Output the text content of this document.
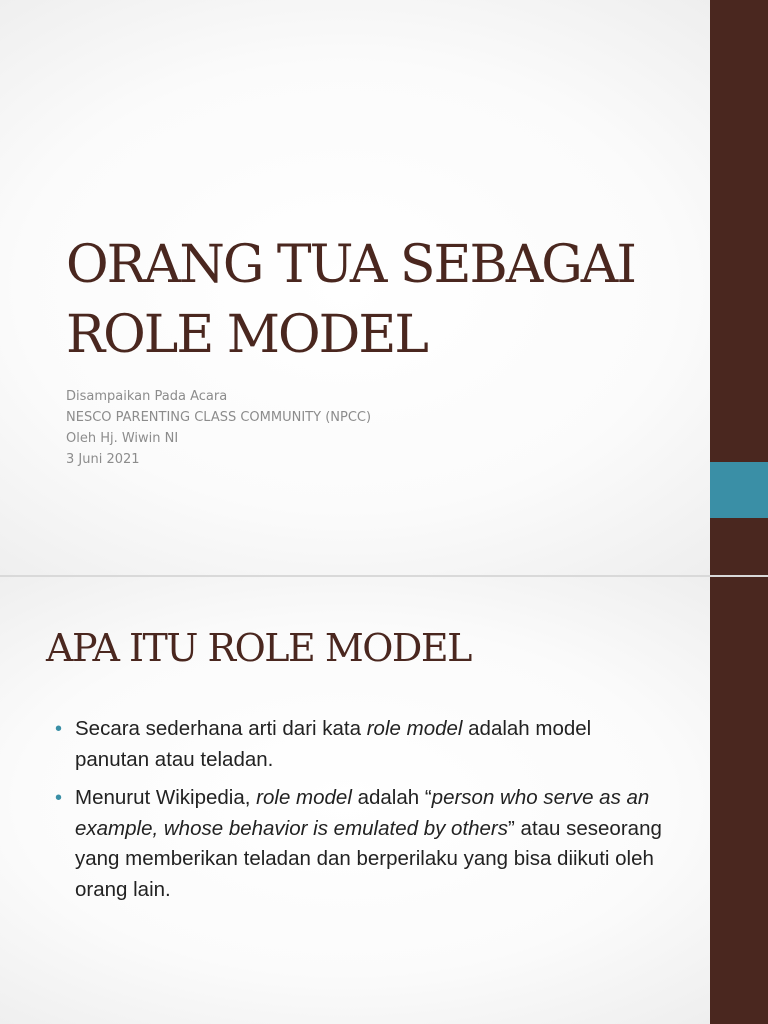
ORANG TUA SEBAGAI
ROLE MODEL
Disampaikan Pada Acara
NESCO PARENTING CLASS COMMUNITY (NPCC)
Oleh Hj. Wiwin NI
3 Juni 2021
APA ITU ROLE MODEL
• Secara sederhana arti dari kata role model adalah model panutan atau teladan.
• Menurut Wikipedia, role model adalah “person who serve as an example, whose behavior is emulated by others” atau seseorang yang memberikan teladan dan berperilaku yang bisa diikuti oleh orang lain.
